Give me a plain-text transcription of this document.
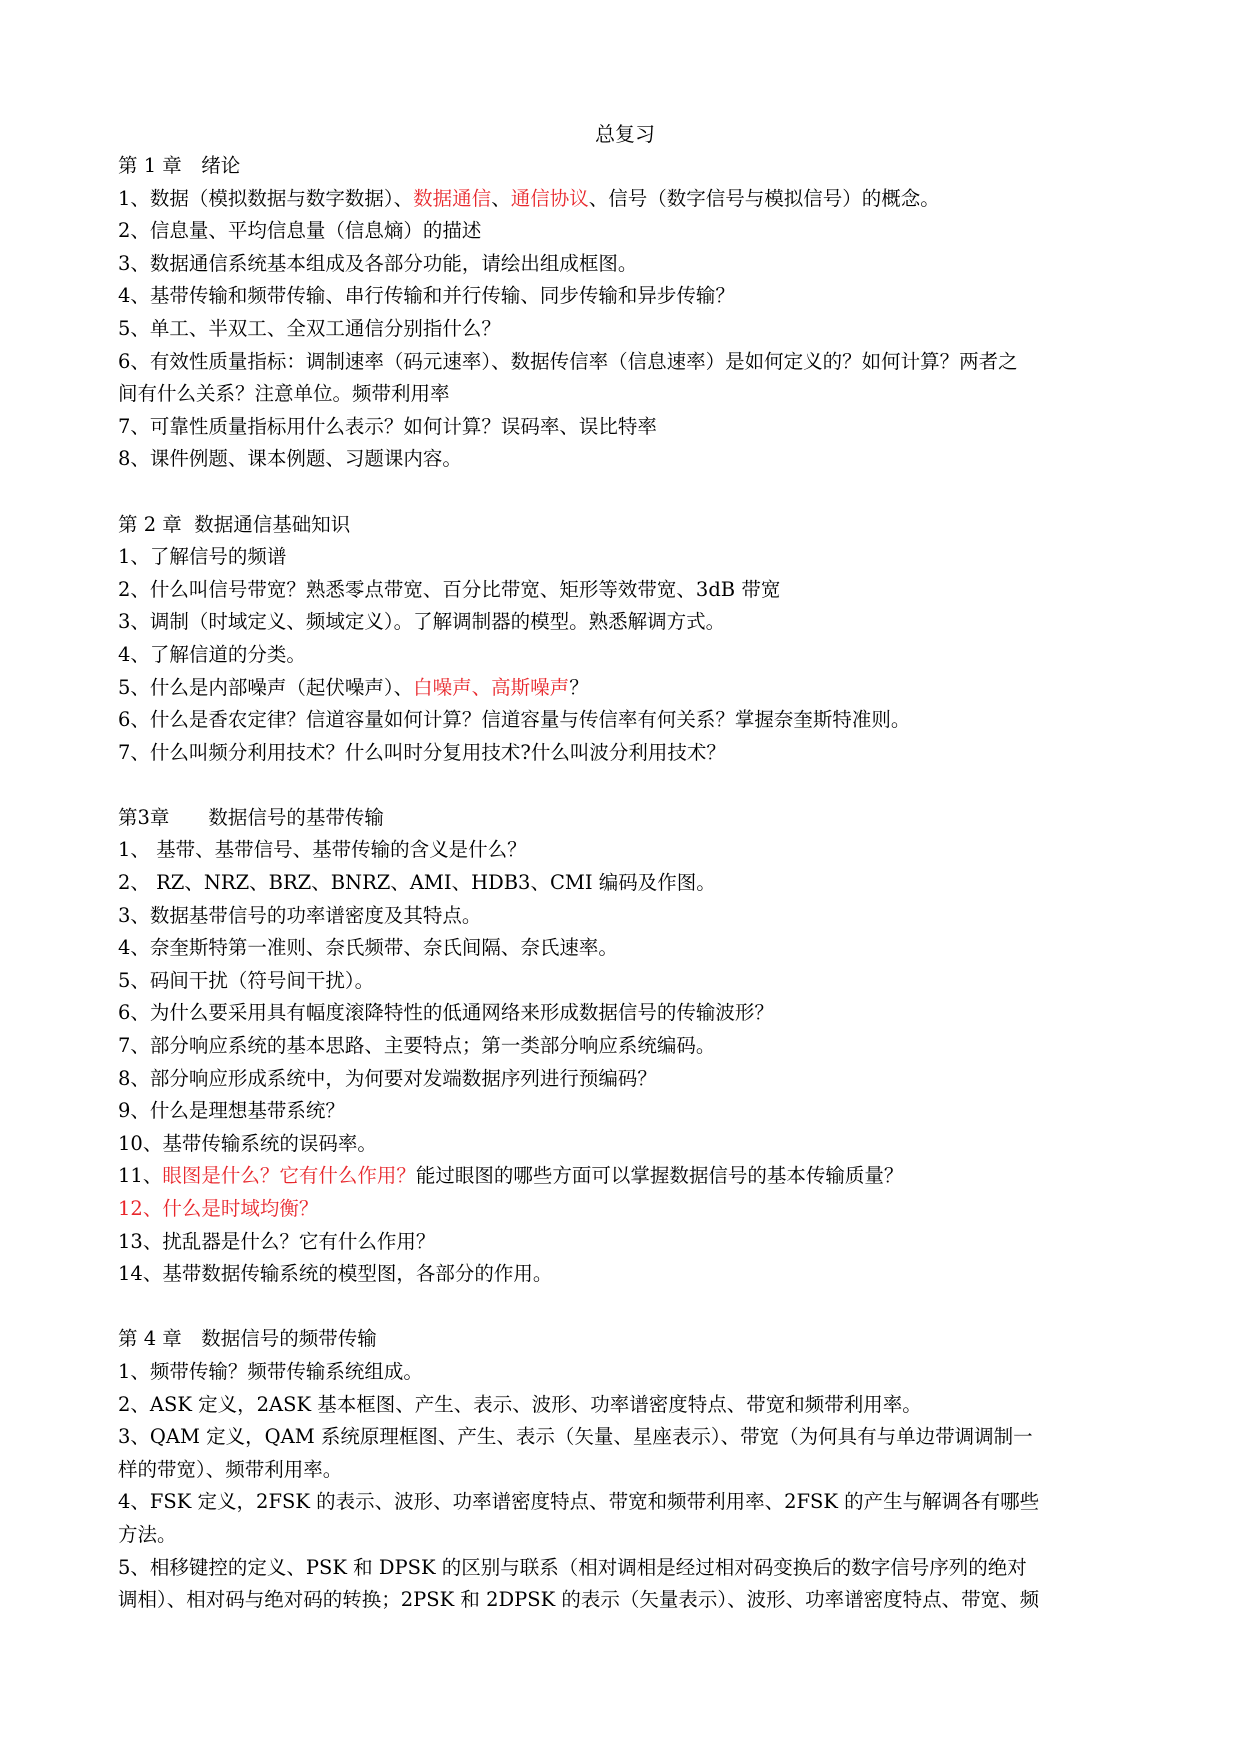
总复习
第 1 章　绪论
1、数据（模拟数据与数字数据）、数据通信、通信协议、信号（数字信号与模拟信号）的概念。
2、信息量、平均信息量（信息熵）的描述
3、数据通信系统基本组成及各部分功能，请绘出组成框图。
4、基带传输和频带传输、串行传输和并行传输、同步传输和异步传输？
5、单工、半双工、全双工通信分别指什么？
6、有效性质量指标：调制速率（码元速率）、数据传信率（信息速率）是如何定义的？如何计算？两者之
间有什么关系？注意单位。频带利用率
7、可靠性质量指标用什么表示？如何计算？误码率、误比特率
8、课件例题、课本例题、习题课内容。
第 2 章  数据通信基础知识
1、了解信号的频谱
2、什么叫信号带宽？熟悉零点带宽、百分比带宽、矩形等效带宽、3dB 带宽
3、调制（时域定义、频域定义）。了解调制器的模型。熟悉解调方式。
4、了解信道的分类。
5、什么是内部噪声（起伏噪声）、白噪声、高斯噪声？
6、什么是香农定律？信道容量如何计算？信道容量与传信率有何关系？掌握奈奎斯特准则。
7、什么叫频分利用技术？什么叫时分复用技术?什么叫波分利用技术？
第3章　　数据信号的基带传输
1、 基带、基带信号、基带传输的含义是什么？
2、 RZ、NRZ、BRZ、BNRZ、AMI、HDB3、CMI 编码及作图。
3、数据基带信号的功率谱密度及其特点。
4、奈奎斯特第一准则、奈氏频带、奈氏间隔、奈氏速率。
5、码间干扰（符号间干扰）。
6、为什么要采用具有幅度滚降特性的低通网络来形成数据信号的传输波形？
7、部分响应系统的基本思路、主要特点；第一类部分响应系统编码。
8、部分响应形成系统中，为何要对发端数据序列进行预编码？
9、什么是理想基带系统？
10、基带传输系统的误码率。
11、眼图是什么？它有什么作用？能过眼图的哪些方面可以掌握数据信号的基本传输质量？
12、什么是时域均衡？
13、扰乱器是什么？它有什么作用？
14、基带数据传输系统的模型图，各部分的作用。
第 4 章　数据信号的频带传输
1、频带传输？频带传输系统组成。
2、ASK 定义，2ASK 基本框图、产生、表示、波形、功率谱密度特点、带宽和频带利用率。
3、QAM 定义，QAM 系统原理框图、产生、表示（矢量、星座表示）、带宽（为何具有与单边带调调制一
样的带宽）、频带利用率。
4、FSK 定义，2FSK 的表示、波形、功率谱密度特点、带宽和频带利用率、2FSK 的产生与解调各有哪些
方法。
5、相移键控的定义、PSK 和 DPSK 的区别与联系（相对调相是经过相对码变换后的数字信号序列的绝对
调相）、相对码与绝对码的转换；2PSK 和 2DPSK 的表示（矢量表示）、波形、功率谱密度特点、带宽、频
